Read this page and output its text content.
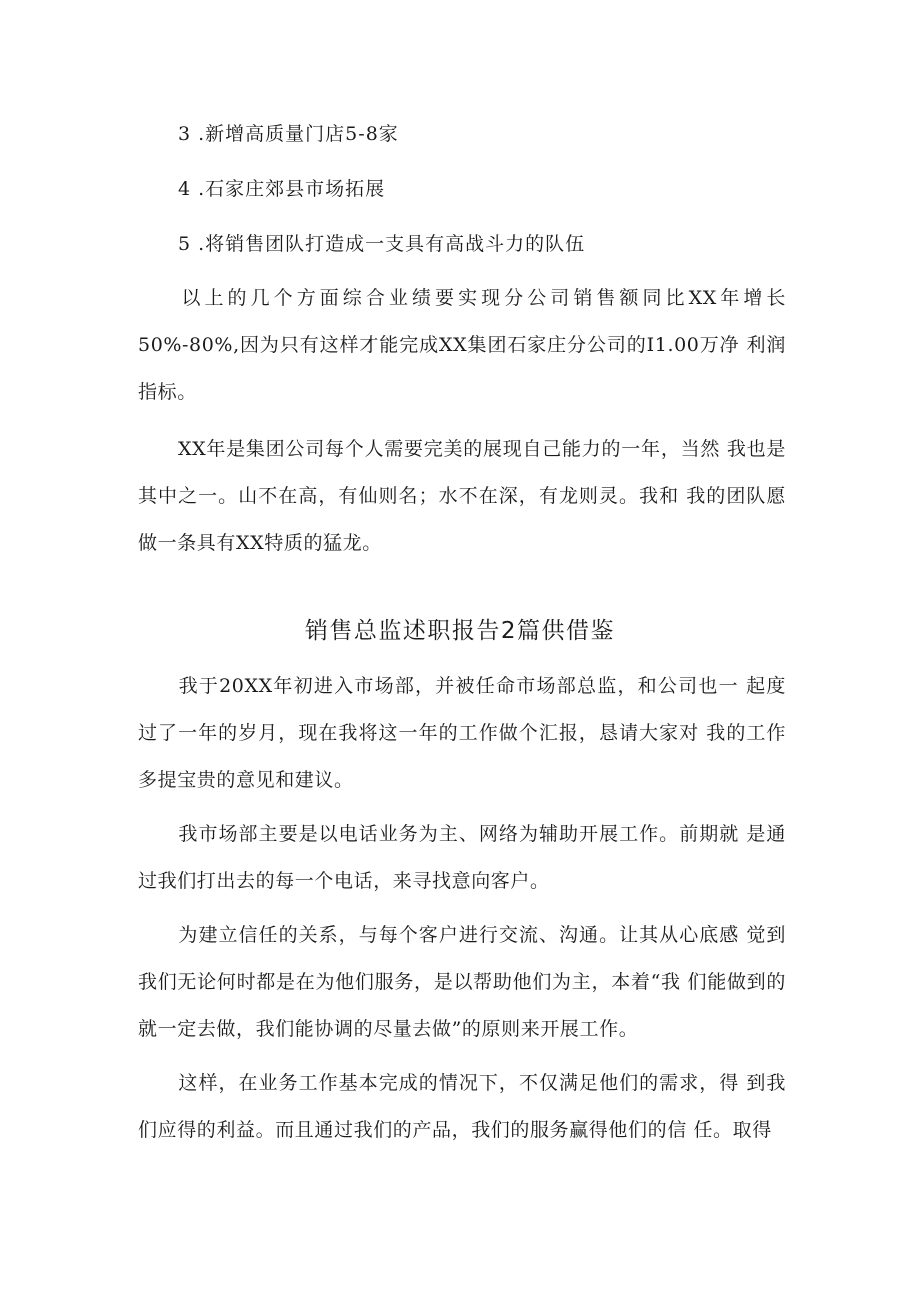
3 .新增高质量门店5-8家
4 .石家庄郊县市场拓展
5 .将销售团队打造成一支具有高战斗力的队伍

以上的几个方面综合业绩要实现分公司销售额同比XX年增长50%-80%,因为只有这样才能完成XX集团石家庄分公司的I1.00万净 利润指标。

XX年是集团公司每个人需要完美的展现自己能力的一年，当然 我也是其中之一。山不在高，有仙则名；水不在深，有龙则灵。我和 我的团队愿做一条具有XX特质的猛龙。

销售总监述职报告2篇供借鉴

我于20XX年初进入市场部，并被任命市场部总监，和公司也一 起度过了一年的岁月，现在我将这一年的工作做个汇报，恳请大家对 我的工作多提宝贵的意见和建议。

我市场部主要是以电话业务为主、网络为辅助开展工作。前期就 是通过我们打出去的每一个电话，来寻找意向客户。

为建立信任的关系，与每个客户进行交流、沟通。让其从心底感 觉到我们无论何时都是在为他们服务，是以帮助他们为主，本着“我 们能做到的就一定去做，我们能协调的尽量去做”的原则来开展工作。

这样，在业务工作基本完成的情况下，不仅满足他们的需求，得 到我们应得的利益。而且通过我们的产品，我们的服务赢得他们的信 任。取得
